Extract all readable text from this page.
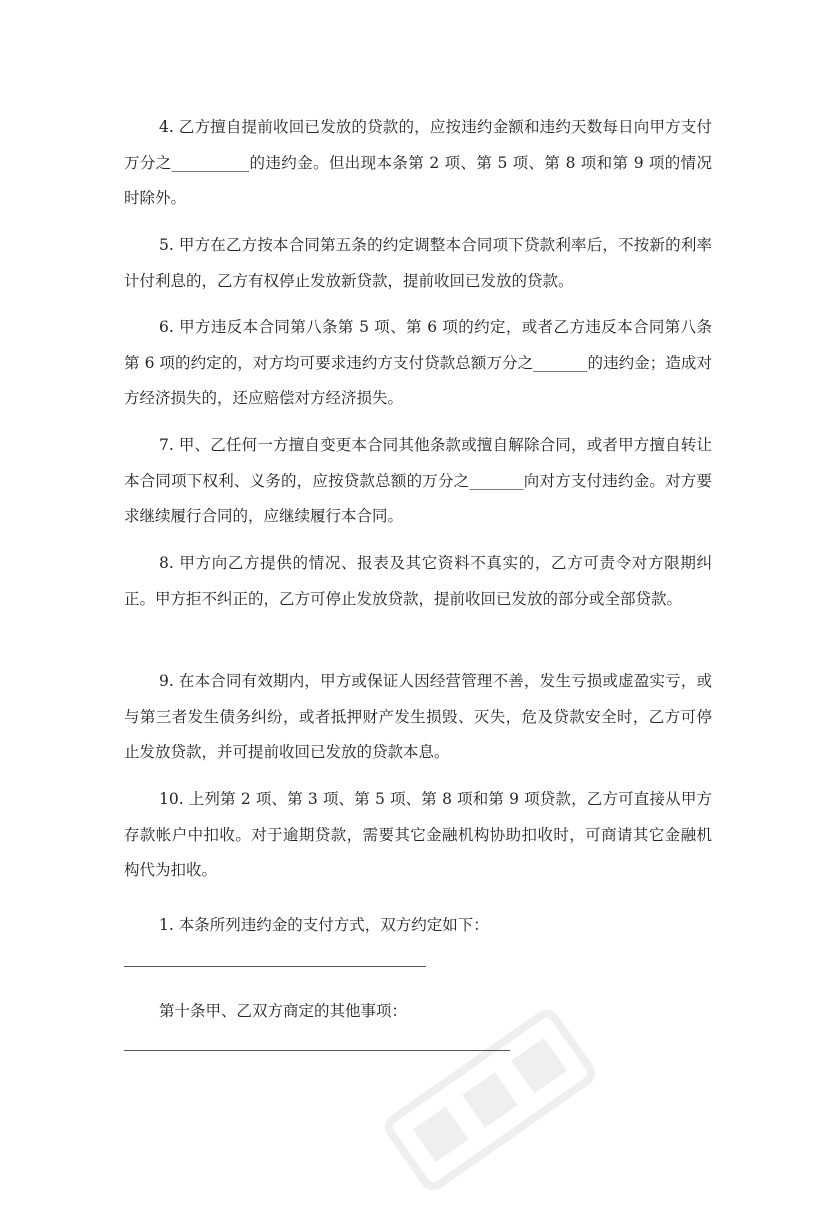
4. 乙方擅自提前收回已发放的贷款的，应按违约金额和违约天数每日向甲方支付万分之__________的违约金。但出现本条第 2 项、第 5 项、第 8 项和第 9 项的情况时除外。

5. 甲方在乙方按本合同第五条的约定调整本合同项下贷款利率后，不按新的利率计付利息的，乙方有权停止发放新贷款，提前收回已发放的贷款。

6. 甲方违反本合同第八条第 5 项、第 6 项的约定，或者乙方违反本合同第八条第 6 项的约定的，对方均可要求违约方支付贷款总额万分之_______的违约金；造成对方经济损失的，还应赔偿对方经济损失。

7. 甲、乙任何一方擅自变更本合同其他条款或擅自解除合同，或者甲方擅自转让本合同项下权利、义务的，应按贷款总额的万分之_______向对方支付违约金。对方要求继续履行合同的，应继续履行本合同。

8. 甲方向乙方提供的情况、报表及其它资料不真实的，乙方可责令对方限期纠正。甲方拒不纠正的，乙方可停止发放贷款，提前收回已发放的部分或全部贷款。

9. 在本合同有效期内，甲方或保证人因经营管理不善，发生亏损或虚盈实亏，或与第三者发生债务纠纷，或者抵押财产发生损毁、灭失，危及贷款安全时，乙方可停止发放贷款，并可提前收回已发放的贷款本息。

10. 上列第 2 项、第 3 项、第 5 项、第 8 项和第 9 项贷款，乙方可直接从甲方存款帐户中扣收。对于逾期贷款，需要其它金融机构协助扣收时，可商请其它金融机构代为扣收。

1. 本条所列违约金的支付方式，双方约定如下：

第十条甲、乙双方商定的其他事项：
